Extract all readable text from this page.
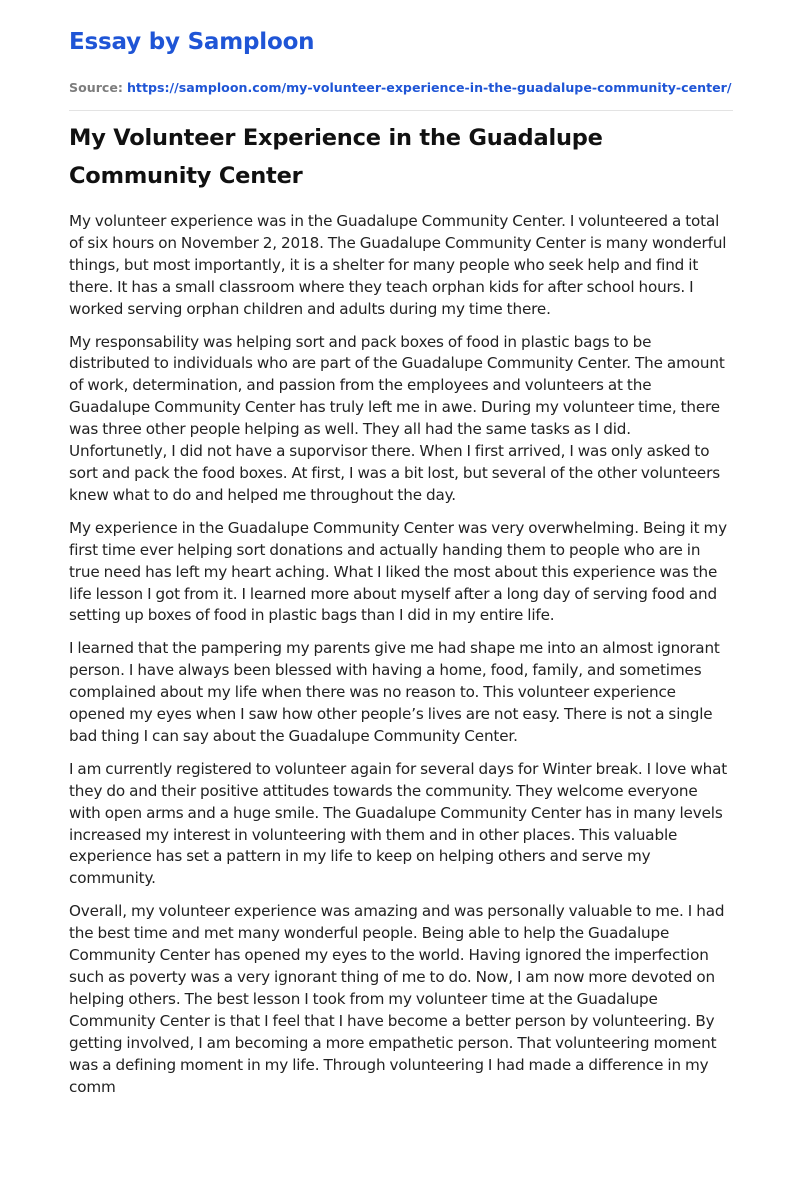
Essay by Samploon
Source: https://samploon.com/my-volunteer-experience-in-the-guadalupe-community-center/
My Volunteer Experience in the Guadalupe Community Center

My volunteer experience was in the Guadalupe Community Center. I volunteered a total of six hours on November 2, 2018. The Guadalupe Community Center is many wonderful things, but most importantly, it is a shelter for many people who seek help and find it there. It has a small classroom where they teach orphan kids for after school hours. I worked serving orphan children and adults during my time there.

My responsability was helping sort and pack boxes of food in plastic bags to be distributed to individuals who are part of the Guadalupe Community Center. The amount of work, determination, and passion from the employees and volunteers at the Guadalupe Community Center has truly left me in awe. During my volunteer time, there was three other people helping as well. They all had the same tasks as I did. Unfortunetly, I did not have a suporvisor there. When I first arrived, I was only asked to sort and pack the food boxes. At first, I was a bit lost, but several of the other volunteers knew what to do and helped me throughout the day.

My experience in the Guadalupe Community Center was very overwhelming. Being it my first time ever helping sort donations and actually handing them to people who are in true need has left my heart aching. What I liked the most about this experience was the life lesson I got from it. I learned more about myself after a long day of serving food and setting up boxes of food in plastic bags than I did in my entire life.

I learned that the pampering my parents give me had shape me into an almost ignorant person. I have always been blessed with having a home, food, family, and sometimes complained about my life when there was no reason to. This volunteer experience opened my eyes when I saw how other people’s lives are not easy. There is not a single bad thing I can say about the Guadalupe Community Center.

I am currently registered to volunteer again for several days for Winter break. I love what they do and their positive attitudes towards the community. They welcome everyone with open arms and a huge smile. The Guadalupe Community Center has in many levels increased my interest in volunteering with them and in other places. This valuable experience has set a pattern in my life to keep on helping others and serve my community.

Overall, my volunteer experience was amazing and was personally valuable to me. I had the best time and met many wonderful people. Being able to help the Guadalupe Community Center has opened my eyes to the world. Having ignored the imperfection such as poverty was a very ignorant thing of me to do. Now, I am now more devoted on helping others. The best lesson I took from my volunteer time at the Guadalupe Community Center is that I feel that I have become a better person by volunteering. By getting involved, I am becoming a more empathetic person. That volunteering moment was a defining moment in my life. Through volunteering I had made a difference in my comm
